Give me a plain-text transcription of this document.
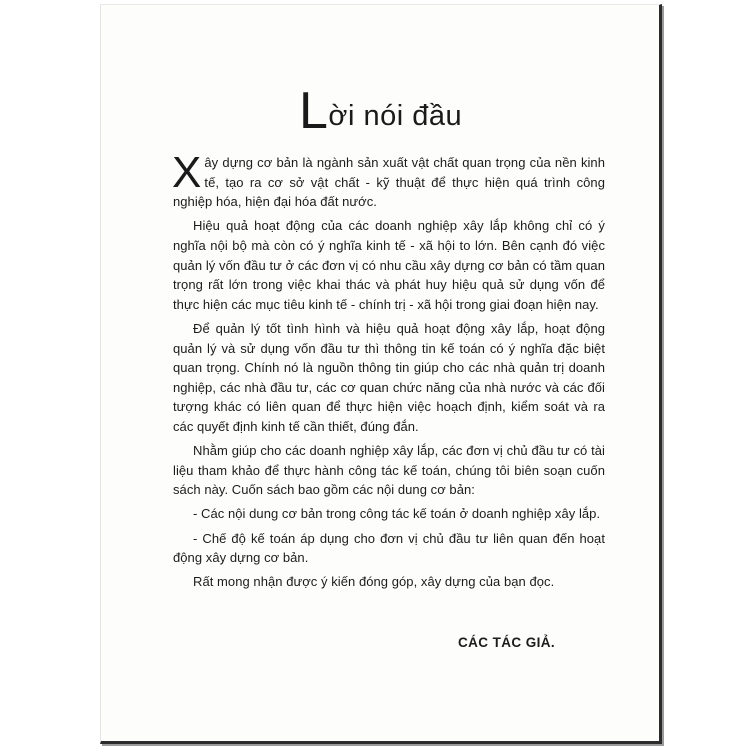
Lời nói đầu

Xây dựng cơ bản là ngành sản xuất vật chất quan trọng của nền kinh tế, tạo ra cơ sở vật chất - kỹ thuật để thực hiện quá trình công nghiệp hóa, hiện đại hóa đất nước.

Hiệu quả hoạt động của các doanh nghiệp xây lắp không chỉ có ý nghĩa nội bộ mà còn có ý nghĩa kinh tế - xã hội to lớn. Bên cạnh đó việc quản lý vốn đầu tư ở các đơn vị có nhu cầu xây dựng cơ bản có tầm quan trọng rất lớn trong việc khai thác và phát huy hiệu quả sử dụng vốn để thực hiện các mục tiêu kinh tế - chính trị - xã hội trong giai đoạn hiện nay.

Để quản lý tốt tình hình và hiệu quả hoạt động xây lắp, hoạt động quản lý và sử dụng vốn đầu tư thì thông tin kế toán có ý nghĩa đặc biệt quan trọng. Chính nó là nguồn thông tin giúp cho các nhà quản trị doanh nghiệp, các nhà đầu tư, các cơ quan chức năng của nhà nước và các đối tượng khác có liên quan để thực hiện việc hoạch định, kiểm soát và ra các quyết định kinh tế cần thiết, đúng đắn.

Nhằm giúp cho các doanh nghiệp xây lắp, các đơn vị chủ đầu tư có tài liệu tham khảo để thực hành công tác kế toán, chúng tôi biên soạn cuốn sách này. Cuốn sách bao gồm các nội dung cơ bản:

- Các nội dung cơ bản trong công tác kế toán ở doanh nghiệp xây lắp.

- Chế độ kế toán áp dụng cho đơn vị chủ đầu tư liên quan đến hoạt động xây dựng cơ bản.

Rất mong nhận được ý kiến đóng góp, xây dựng của bạn đọc.

CÁC TÁC GIẢ.
